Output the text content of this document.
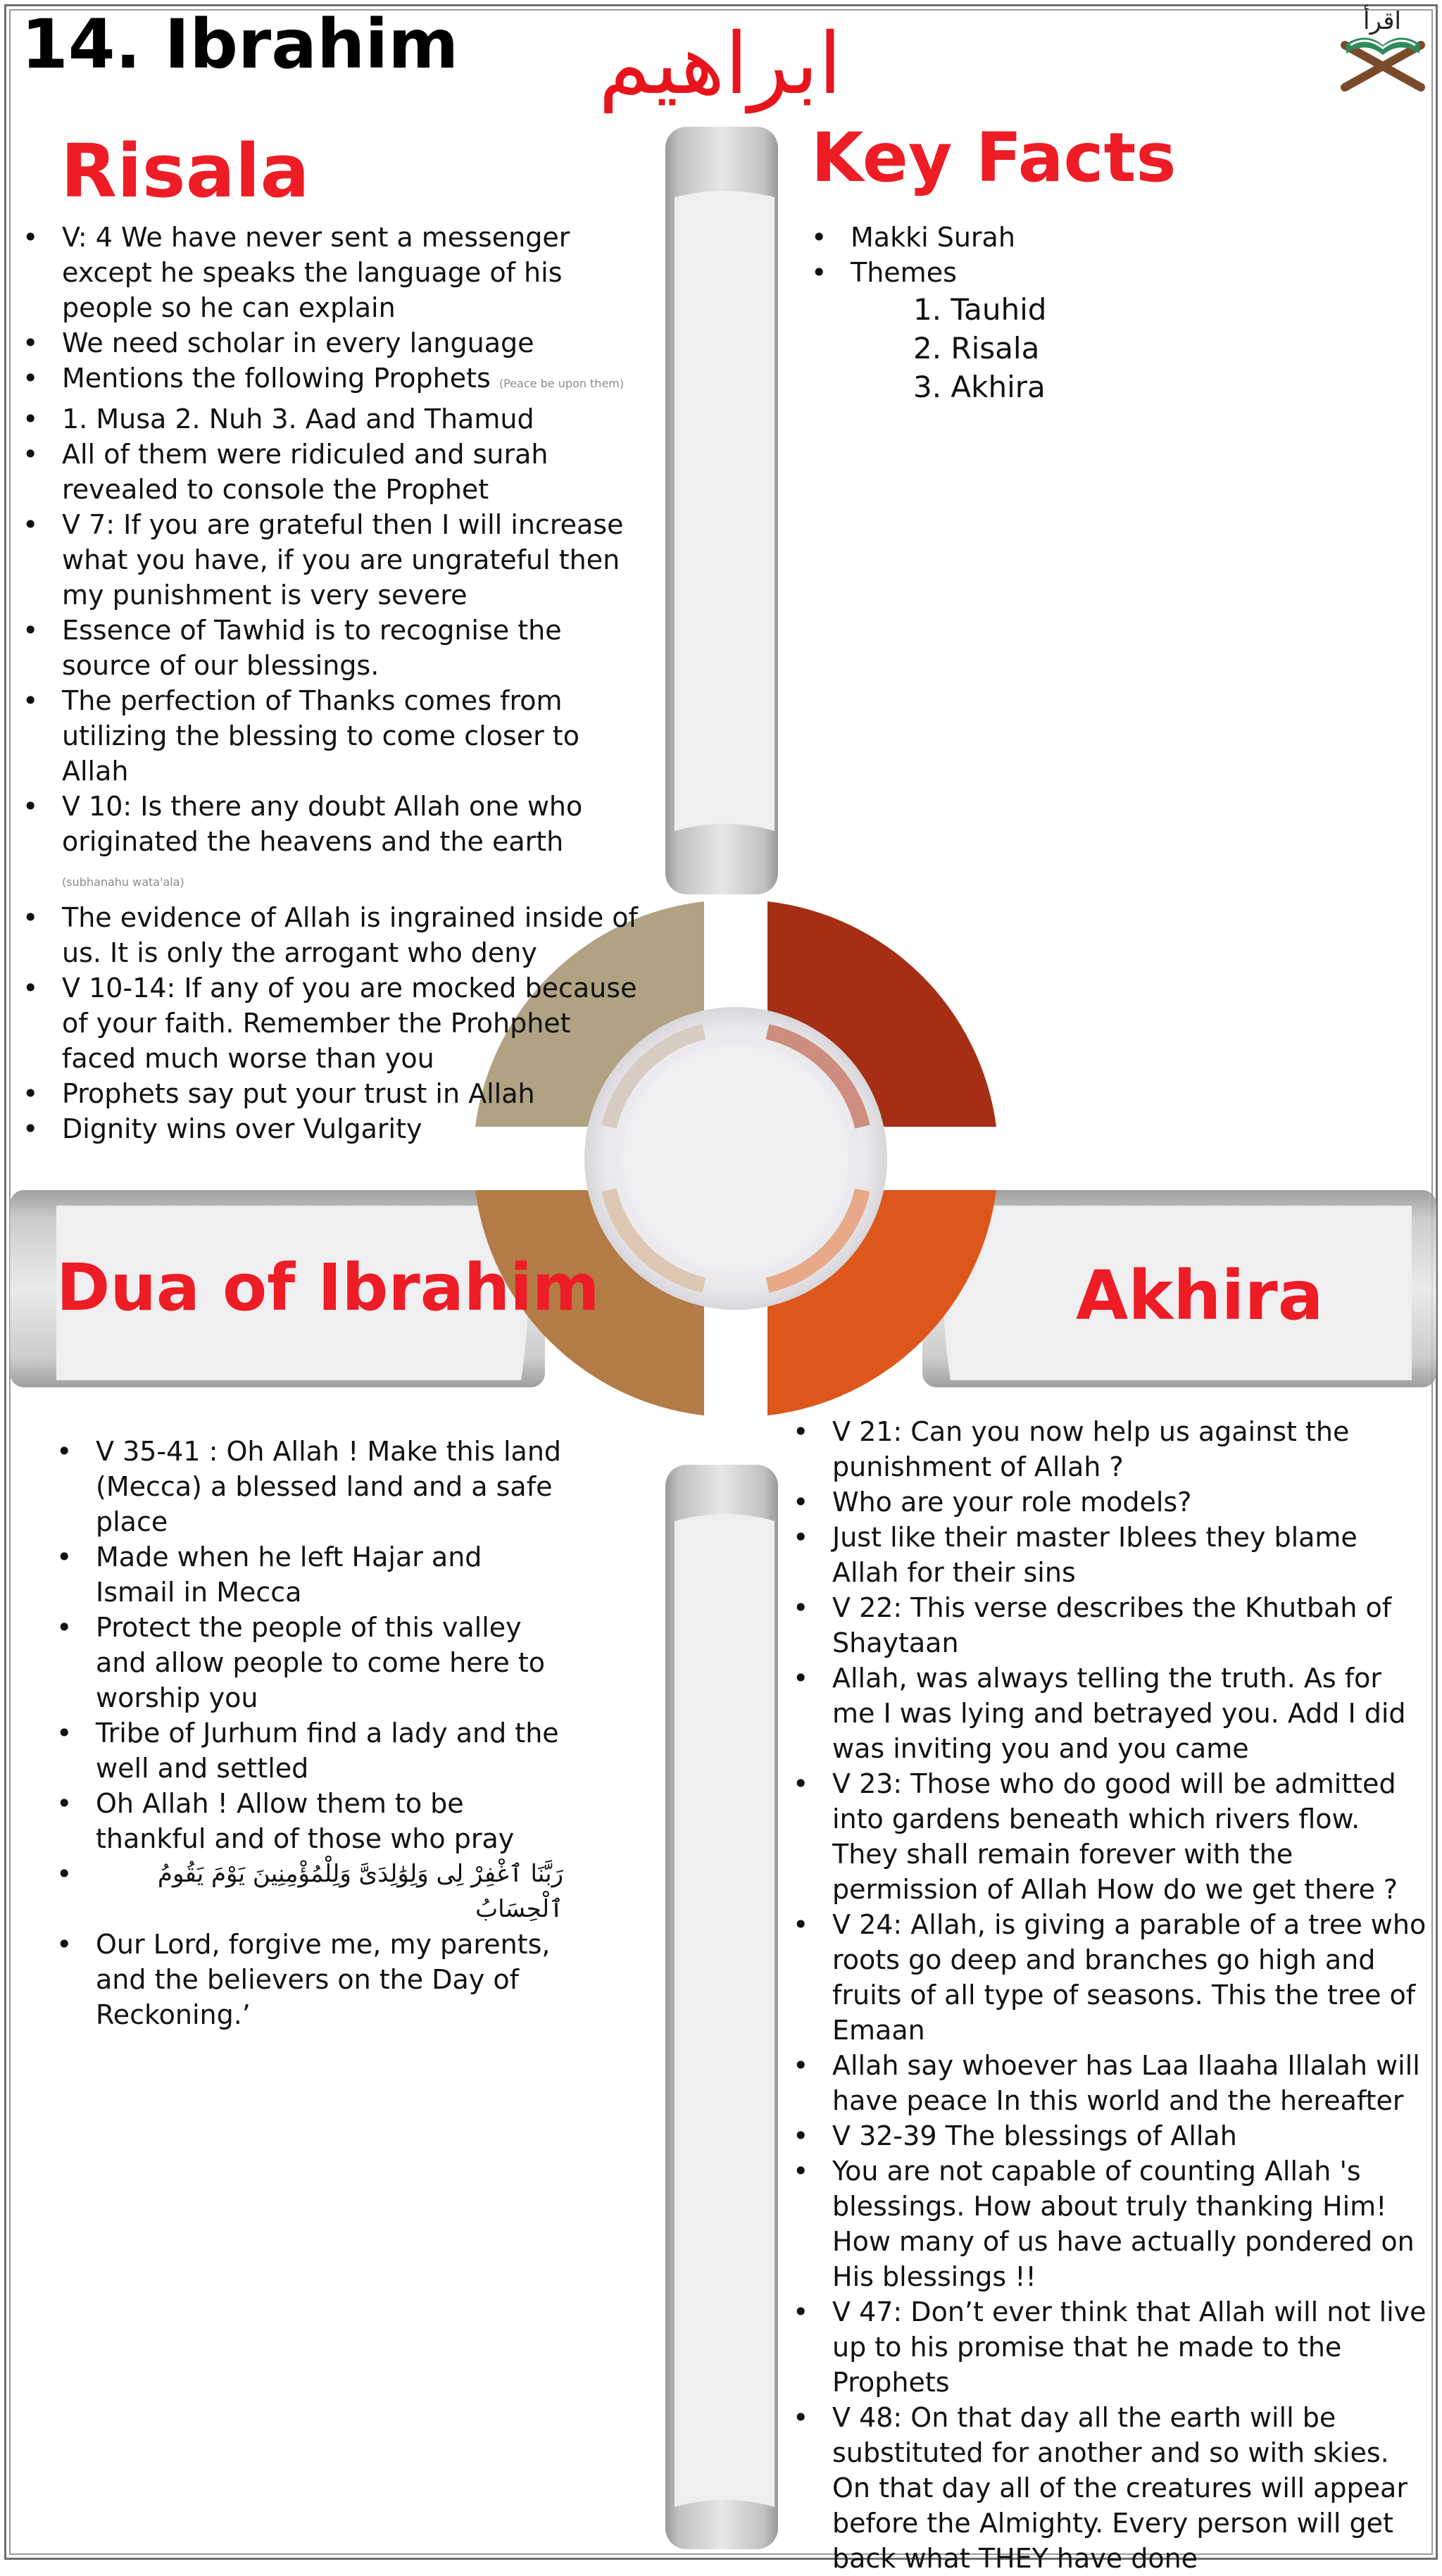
14. Ibrahim ابراهيم	اقرأ
Risala
• V: 4 We have never sent a messenger except he speaks the language of his people so he can explain
• We need scholar in every language
• Mentions the following Prophets (Peace be upon them)
• 1. Musa 2. Nuh 3. Aad and Thamud
• All of them were ridiculed and surah revealed to console the Prophet
• V 7: If you are grateful then I will increase what you have, if you are ungrateful then my punishment is very severe
• Essence of Tawhid is to recognise the source of our blessings.
• The perfection of Thanks comes from utilizing the blessing to come closer to Allah
• V 10: Is there any doubt Allah one who originated the heavens and the earth (subhanahu wata'ala)
• The evidence of Allah is ingrained inside of us. It is only the arrogant who deny
• V 10-14: If any of you are mocked because of your faith. Remember the Prohphet faced much worse than you
• Prophets say put your trust in Allah
• Dignity wins over Vulgarity
Key Facts
• Makki Surah
• Themes
1. Tauhid
2. Risala
3. Akhira
Dua of Ibrahim
• V 35-41 : Oh Allah ! Make this land (Mecca) a blessed land and a safe place
• Made when he left Hajar and Ismail in Mecca
• Protect the people of this valley and allow people to come here to worship you
• Tribe of Jurhum find a lady and the well and settled
• Oh Allah ! Allow them to be thankful and of those who pray
• رَبَّنَا ٱغْفِرْ لِى وَلِوَٰلِدَىَّ وَلِلْمُؤْمِنِينَ يَوْمَ يَقُومُ ٱلْحِسَابُ
• Our Lord, forgive me, my parents, and the believers on the Day of Reckoning.’
Akhira
• V 21: Can you now help us against the punishment of Allah ?
• Who are your role models?
• Just like their master Iblees they blame Allah for their sins
• V 22: This verse describes the Khutbah of Shaytaan
• Allah, was always telling the truth. As for me I was lying and betrayed you. Add I did was inviting you and you came
• V 23: Those who do good will be admitted into gardens beneath which rivers flow. They shall remain forever with the permission of Allah How do we get there ?
• V 24: Allah, is giving a parable of a tree who roots go deep and branches go high and fruits of all type of seasons. This the tree of Emaan
• Allah say whoever has Laa Ilaaha Illalah will have peace In this world and the hereafter
• V 32-39 The blessings of Allah
• You are not capable of counting Allah 's blessings. How about truly thanking Him! How many of us have actually pondered on His blessings !!
• V 47: Don’t ever think that Allah will not live up to his promise that he made to the Prophets
• V 48: On that day all the earth will be substituted for another and so with skies. On that day all of the creatures will appear before the Almighty. Every person will get back what THEY have done
